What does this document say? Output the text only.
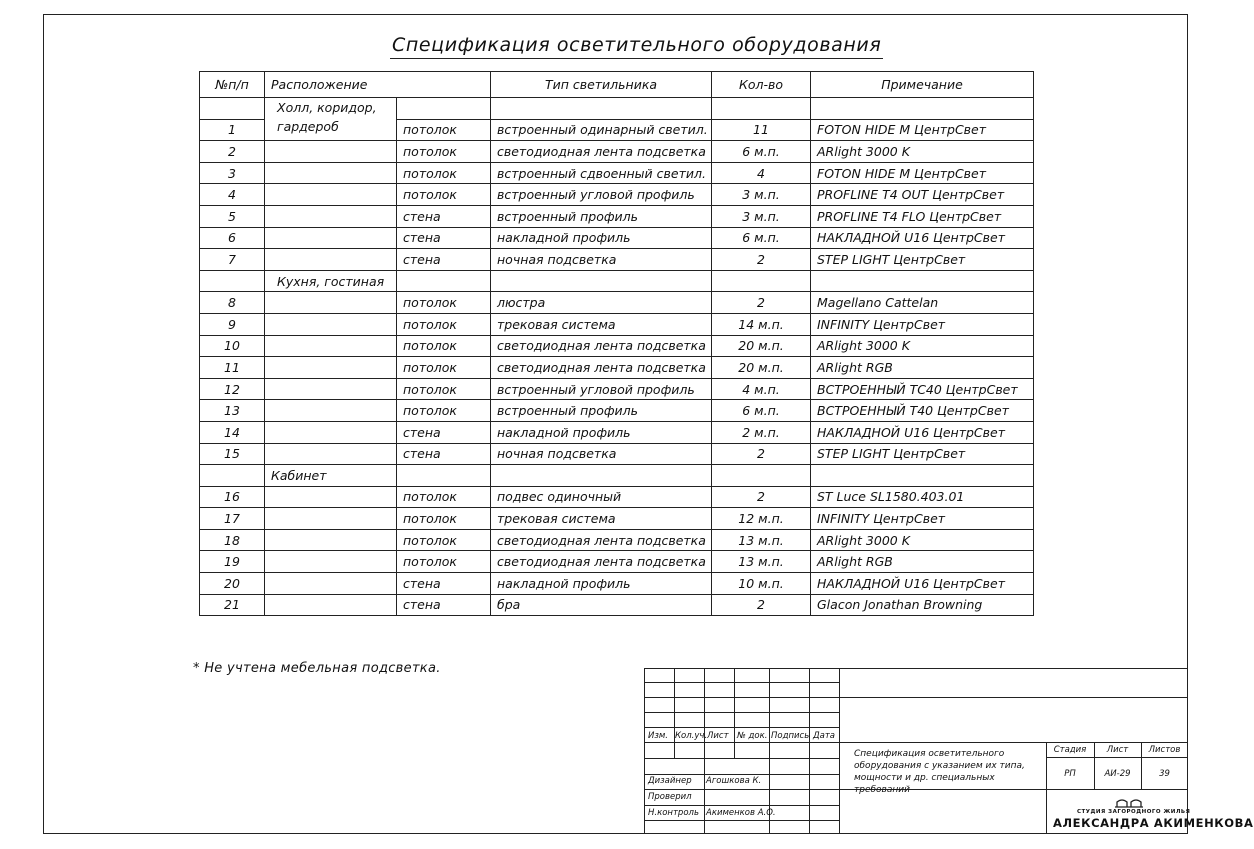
Спецификация осветительного оборудования
№п/п	Расположение		Тип светильника	Кол-во	Примечание

	Холл, коридор,
гардероб				

1		потолок	встроенный одинарный светил.	11	FOTON HIDE M ЦентрСвет
2		потолок	светодиодная лента подсветка	6 м.п.	ARlight 3000 K
3		потолок	встроенный сдвоенный светил.	4	FOTON HIDE M ЦентрСвет
4		потолок	встроенный угловой профиль	3 м.п.	PROFLINE T4 OUT ЦентрСвет
5		стена	встроенный профиль	3 м.п.	PROFLINE T4 FLO ЦентрСвет
6		стена	накладной профиль	6 м.п.	НАКЛАДНОЙ U16 ЦентрСвет
7		стена	ночная подсветка	2	STEP LIGHT ЦентрСвет
	Кухня, гостиная				
8		потолок	люстра	2	Magellano Cattelan
9		потолок	трековая система	14 м.п.	INFINITY ЦентрСвет
10		потолок	светодиодная лента подсветка	20 м.п.	ARlight 3000 K
11		потолок	светодиодная лента подсветка	20 м.п.	ARlight RGB
12		потолок	встроенный угловой профиль	4 м.п.	ВСТРОЕННЫЙ ТС40 ЦентрСвет
13		потолок	встроенный профиль	6 м.п.	ВСТРОЕННЫЙ Т40 ЦентрСвет
14		стена	накладной профиль	2 м.п.	НАКЛАДНОЙ U16 ЦентрСвет
15		стена	ночная подсветка	2	STEP LIGHT ЦентрСвет
	Кабинет				
16		потолок	подвес одиночный	2	ST Luce SL1580.403.01
17		потолок	трековая система	12 м.п.	INFINITY ЦентрСвет
18		потолок	светодиодная лента подсветка	13 м.п.	ARlight 3000 K
19		потолок	светодиодная лента подсветка	13 м.п.	ARlight RGB
20		стена	накладной профиль	10 м.п.	НАКЛАДНОЙ U16 ЦентрСвет
21		стена	бра	2	Glacon Jonathan Browning
* Не учтена мебельная подсветка.
Изм. Кол.уч. Лист № док. Подпись Дата
Дизайнер Агошкова К.
Проверил
Н.контроль Акименков А.О.
Спецификация осветительного
оборудования с указанием их типа,
мощности и др. специальных требований
Стадия	Лист	Листов
РП	АИ-29	39
СТУДИЯ ЗАГОРОДНОГО ЖИЛЬЯ
АЛЕКСАНДРА АКИМЕНКОВА
